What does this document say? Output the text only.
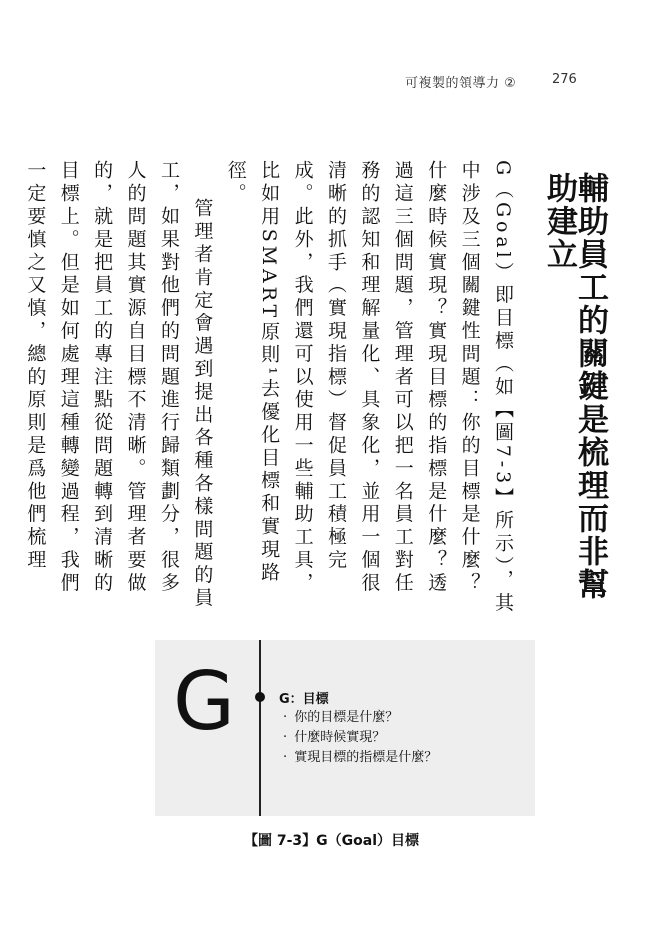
可複製的領導力 ②	276
輔助員工的關鍵是梳理而非幫助建立

G（Goal）即目標（如【圖7-3】所示），其中涉及三個關鍵性問題：你的目標是什麼？什麼時候實現？實現目標的指標是什麼？透過這三個問題，管理者可以把一名員工對任務的認知和理解量化、具象化，並用一個很清晰的抓手（實現指標）督促員工積極完成。此外，我們還可以使用一些輔助工具，比如用SMART原則¹去優化目標和實現路徑。

管理者肯定會遇到提出各種各樣問題的員工，如果對他們的問題進行歸類劃分，很多人的問題其實源自目標不清晰。管理者要做的，就是把員工的專注點從問題轉到清晰的目標上。但是如何處理這種轉變過程，我們一定要慎之又慎，總的原則是爲他們梳理

G	G：目標
· 你的目標是什麼？
· 什麼時候實現？
· 實現目標的指標是什麼？
【圖 7-3】G（Goal）目標
